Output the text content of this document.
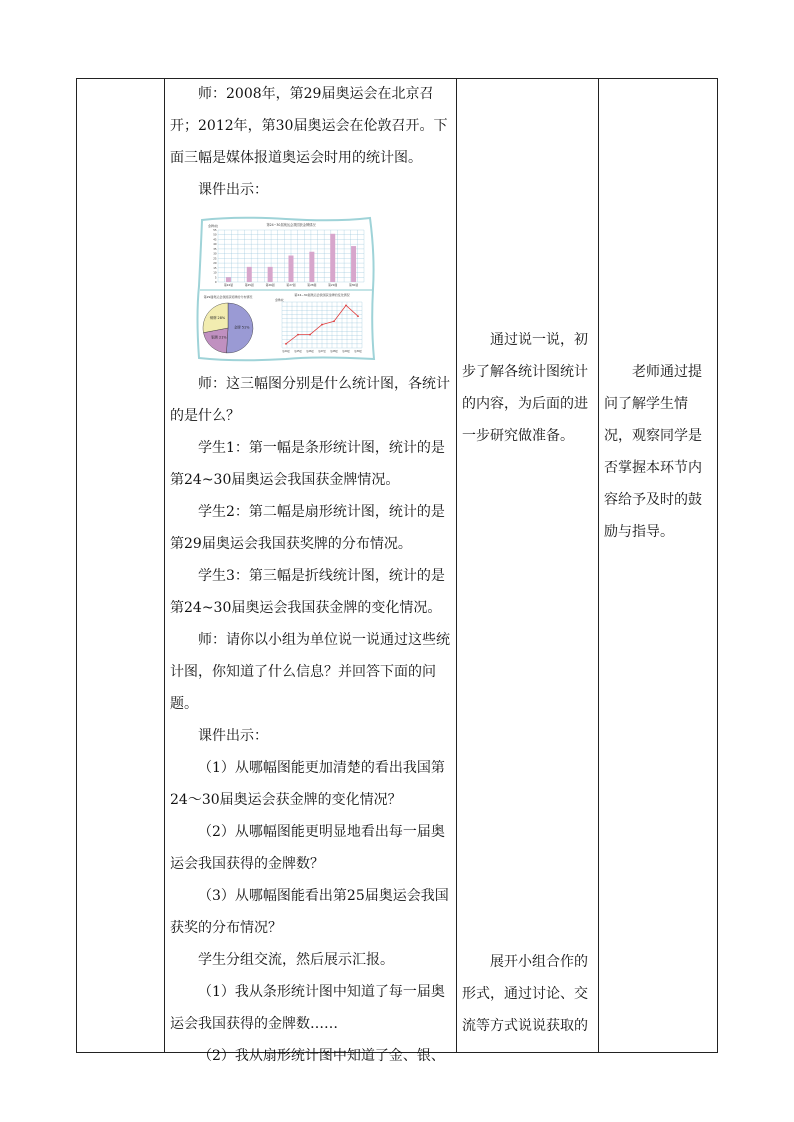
师：2008年，第29届奥运会在北京召开；2012年，第30届奥运会在伦敦召开。下面三幅是媒体报道奥运会时用的统计图。

课件出示：

金牌/枚	第24~30届奥运会我国获金牌情况
0
5
10
15
20
25
30
35
40
45
50
55
第24届	第25届	第26届	第27届	第28届	第29届	第30届
第29届奥运会我国获奖牌的分布情况
金牌 51%
银牌 21%
铜牌 28%
第24~30届奥运会我国获金牌的变化情况
金牌/枚
第24届 第25届 第26届 第27届 第28届 第29届 第30届

师：这三幅图分别是什么统计图，各统计的是什么？

学生1：第一幅是条形统计图，统计的是第24~30届奥运会我国获金牌情况。

学生2：第二幅是扇形统计图，统计的是第29届奥运会我国获奖牌的分布情况。

学生3：第三幅是折线统计图，统计的是第24~30届奥运会我国获金牌的变化情况。

师：请你以小组为单位说一说通过这些统计图，你知道了什么信息？并回答下面的问题。

课件出示：

（1）从哪幅图能更加清楚的看出我国第24～30届奥运会获金牌的变化情况？

（2）从哪幅图能更明显地看出每一届奥运会我国获得的金牌数？

（3）从哪幅图能看出第25届奥运会我国获奖的分布情况？

学生分组交流，然后展示汇报。

（1）我从条形统计图中知道了每一届奥运会我国获得的金牌数……

（2）我从扇形统计图中知道了金、银、

通过说一说，初步了解各统计图统计的内容，为后面的进一步研究做准备。

展开小组合作的形式，通过讨论、交流等方式说说获取的

老师通过提问了解学生情况，观察同学是否掌握本环节内容给予及时的鼓励与指导。
